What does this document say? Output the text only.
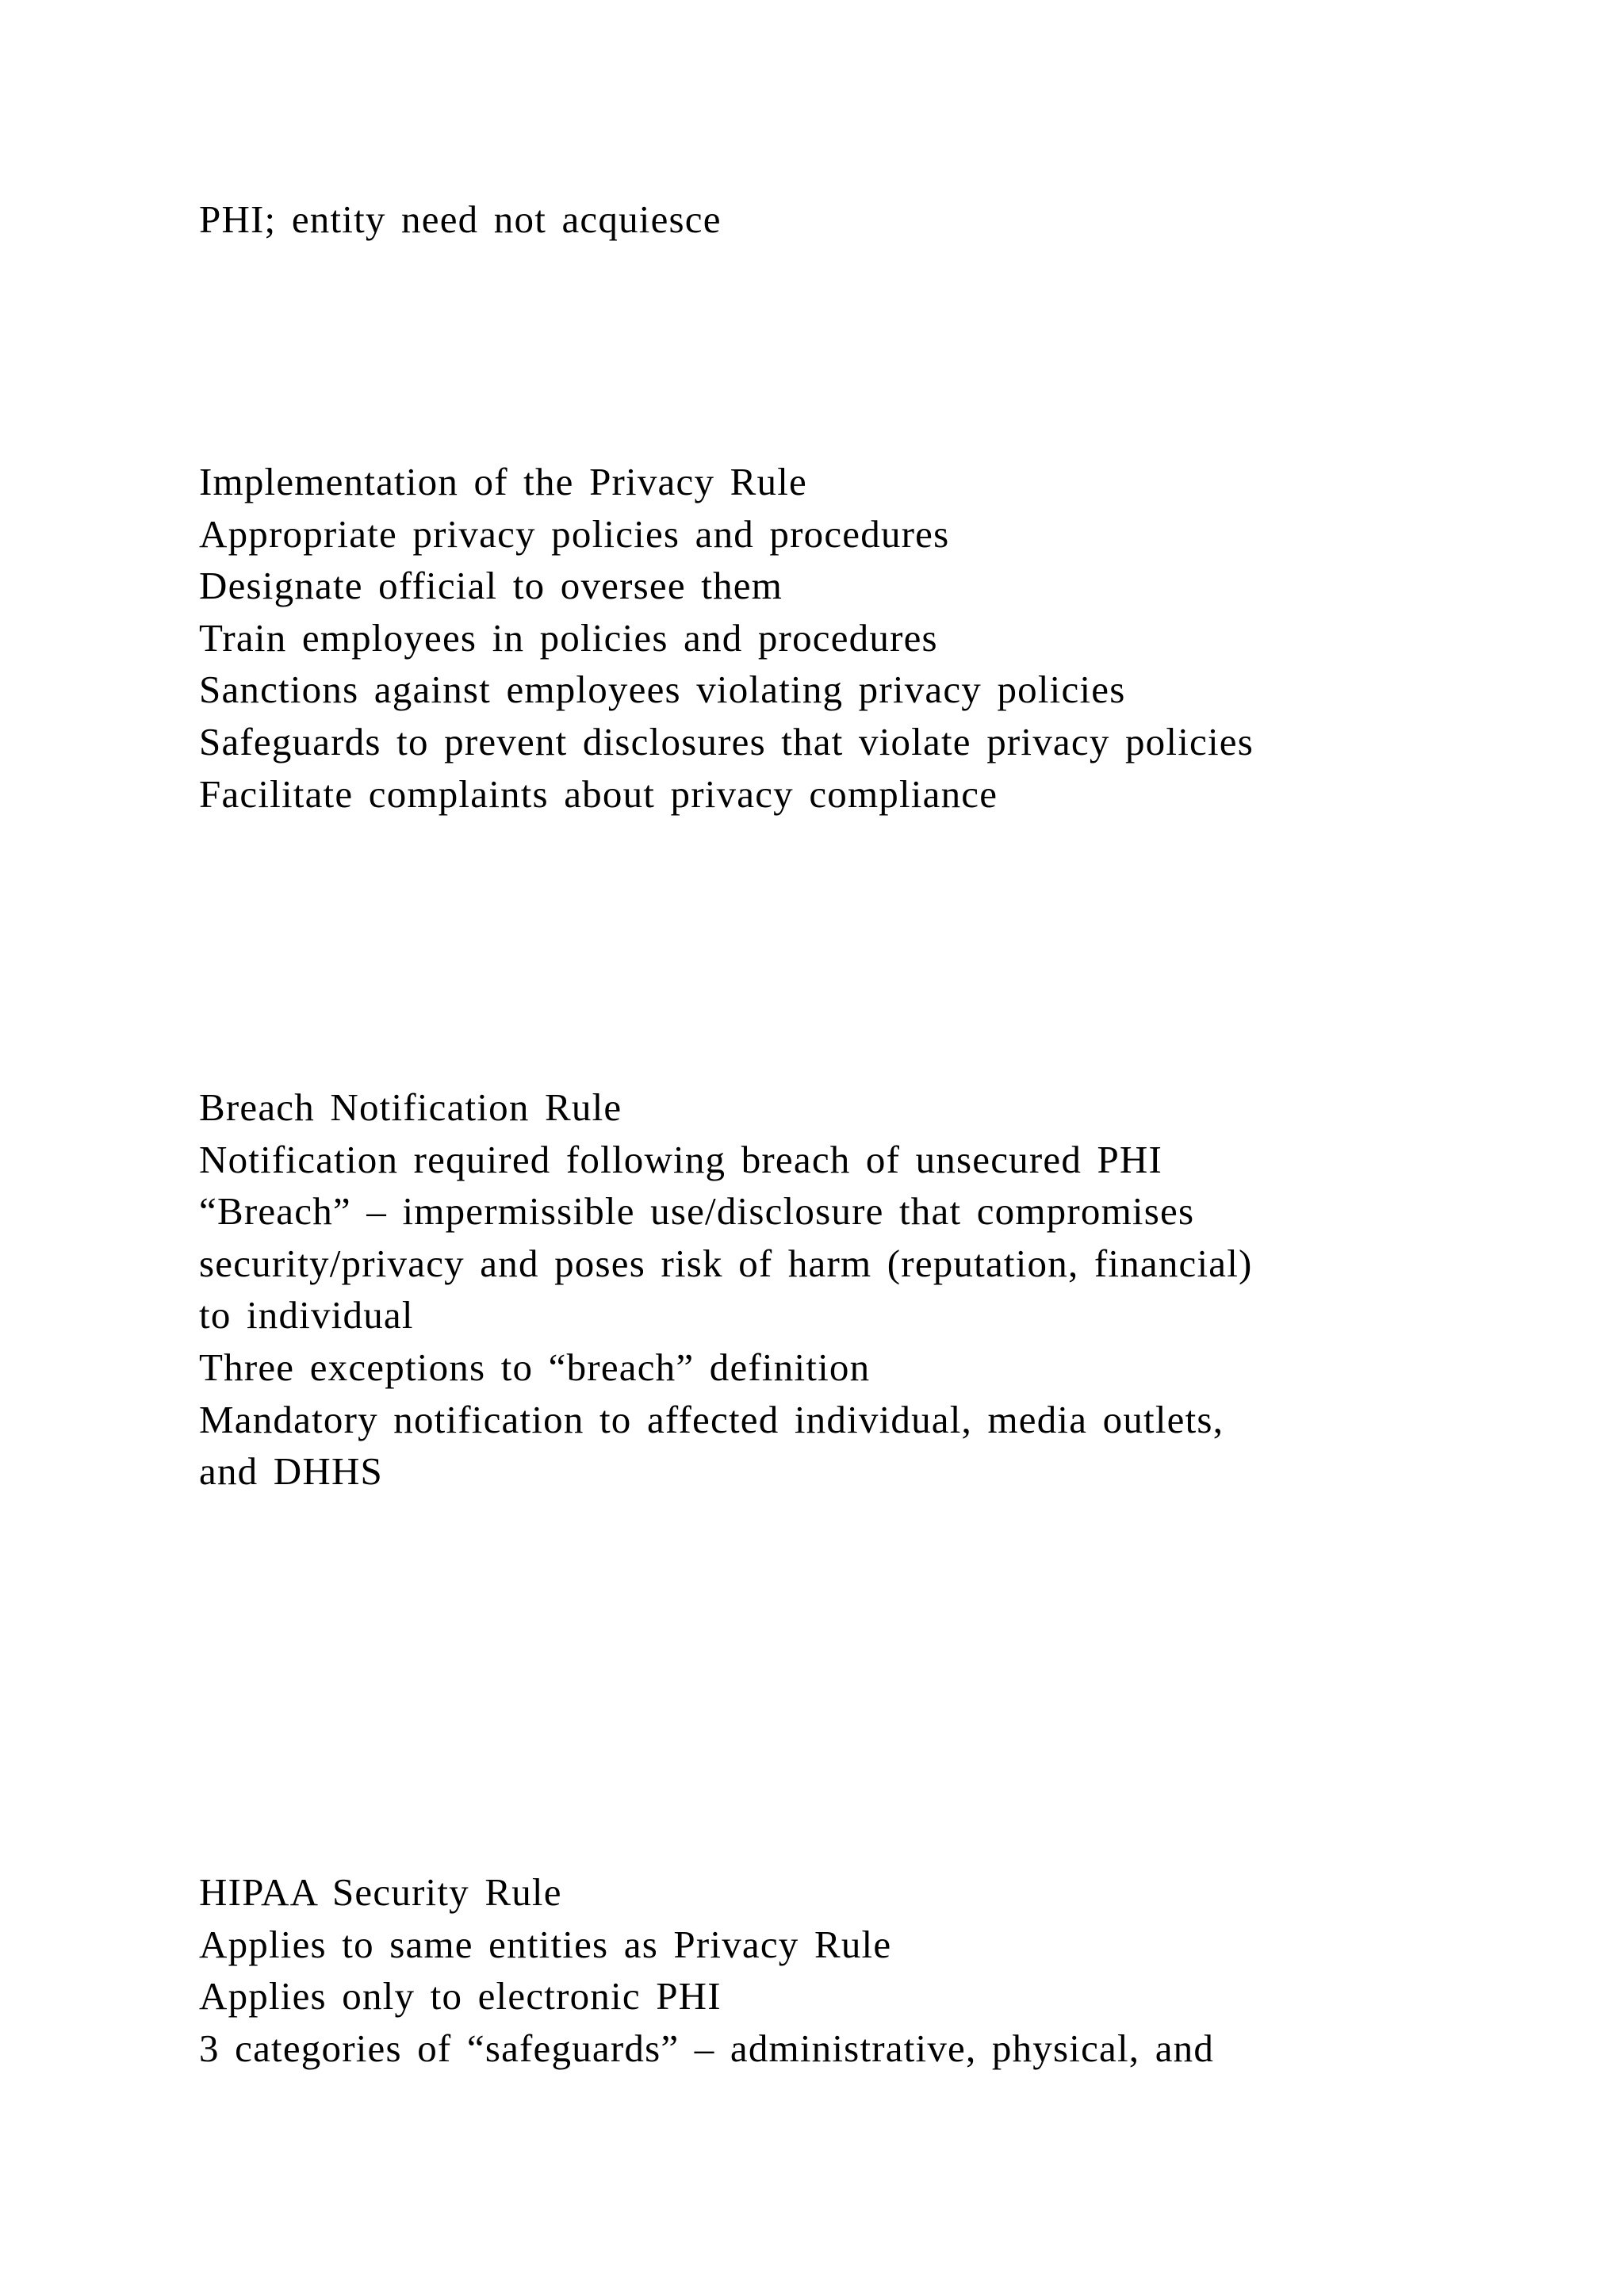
PHI; entity need not acquiesce
Implementation of the Privacy Rule
Appropriate privacy policies and procedures
Designate official to oversee them
Train employees in policies and procedures
Sanctions against employees violating privacy policies
Safeguards to prevent disclosures that violate privacy policies
Facilitate complaints about privacy compliance
Breach Notification Rule
Notification required following breach of unsecured PHI
“Breach” – impermissible use/disclosure that compromises
security/privacy and poses risk of harm (reputation, financial)
to individual
Three exceptions to “breach” definition
Mandatory notification to affected individual, media outlets,
and DHHS
HIPAA Security Rule
Applies to same entities as Privacy Rule
Applies only to electronic PHI
3 categories of “safeguards” – administrative, physical, and
